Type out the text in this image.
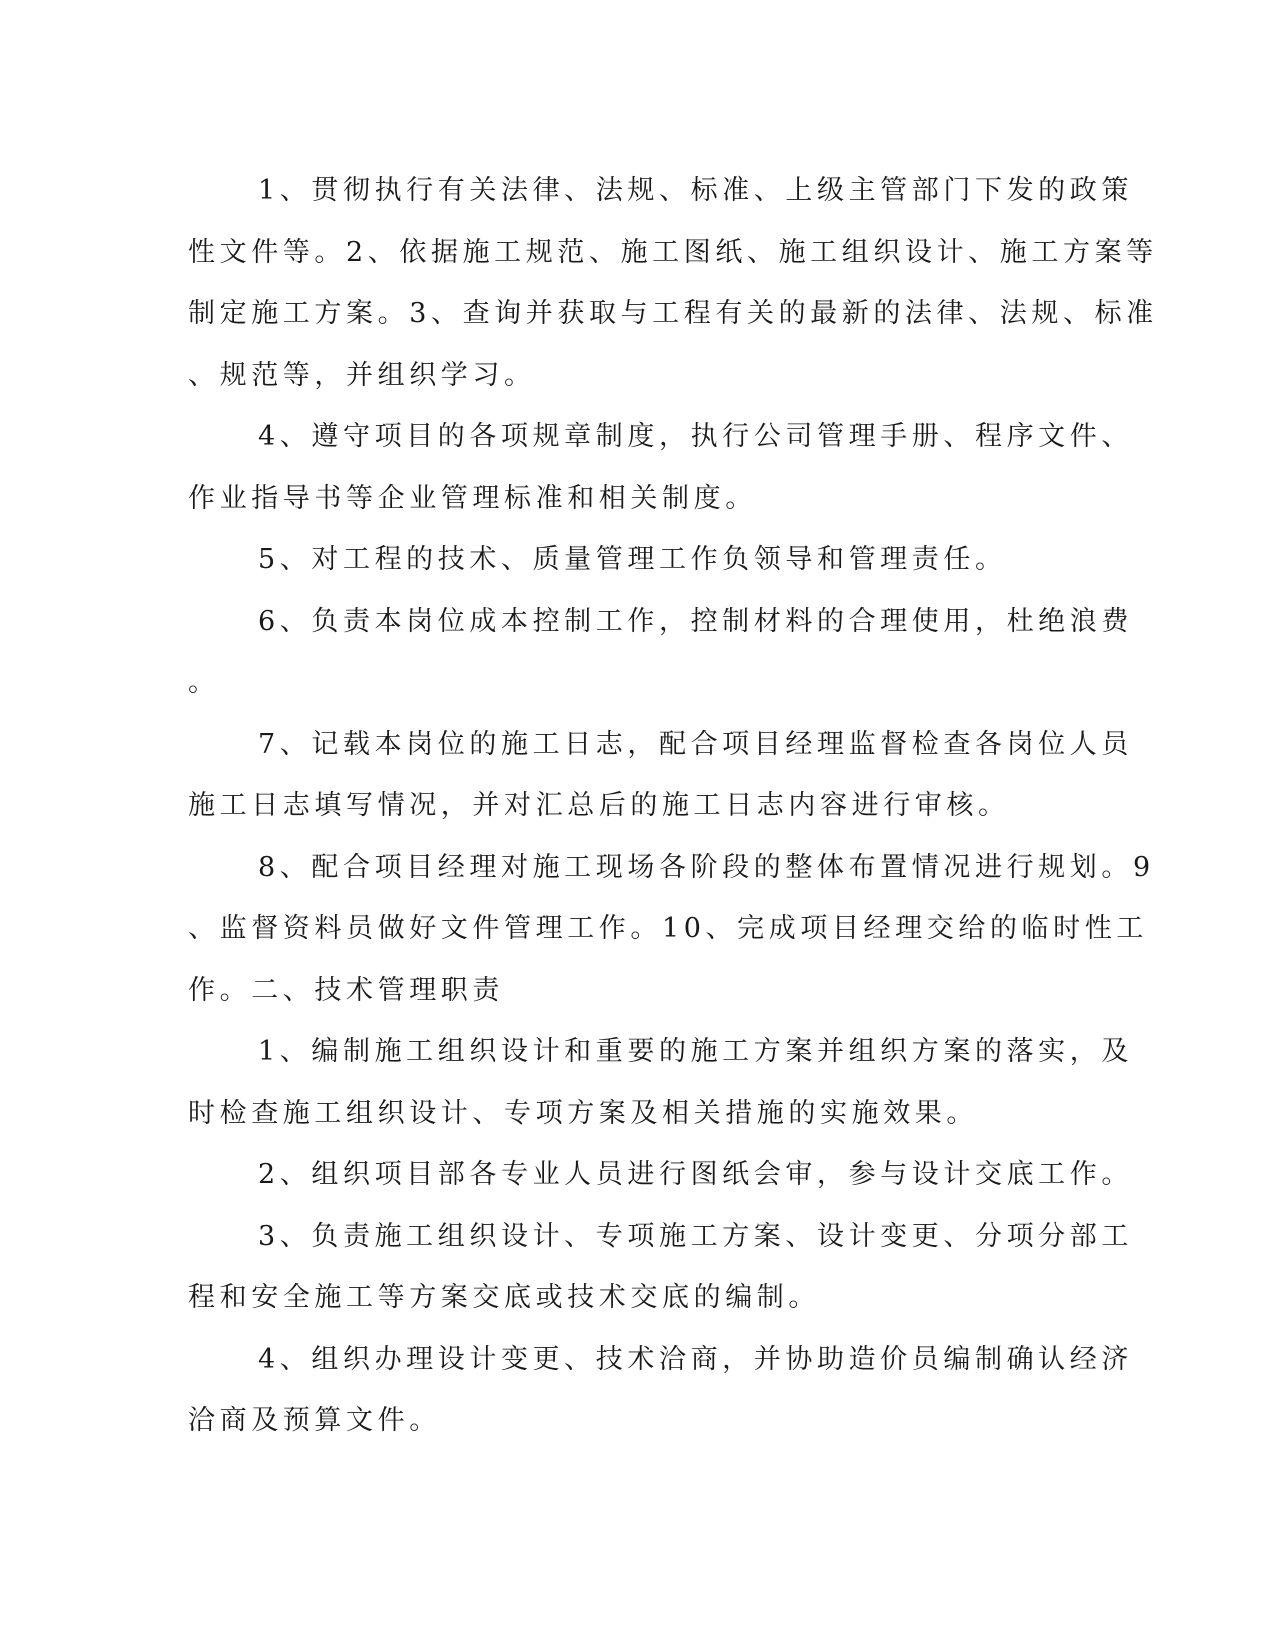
1、贯彻执行有关法律、法规、标准、上级主管部门下发的政策
性文件等。2、依据施工规范、施工图纸、施工组织设计、施工方案等
制定施工方案。3、查询并获取与工程有关的最新的法律、法规、标准
、规范等，并组织学习。
4、遵守项目的各项规章制度，执行公司管理手册、程序文件、
作业指导书等企业管理标准和相关制度。
5、对工程的技术、质量管理工作负领导和管理责任。
6、负责本岗位成本控制工作，控制材料的合理使用，杜绝浪费
。
7、记载本岗位的施工日志，配合项目经理监督检查各岗位人员
施工日志填写情况，并对汇总后的施工日志内容进行审核。
8、配合项目经理对施工现场各阶段的整体布置情况进行规划。9
、监督资料员做好文件管理工作。10、完成项目经理交给的临时性工
作。二、技术管理职责
1、编制施工组织设计和重要的施工方案并组织方案的落实，及
时检查施工组织设计、专项方案及相关措施的实施效果。
2、组织项目部各专业人员进行图纸会审，参与设计交底工作。
3、负责施工组织设计、专项施工方案、设计变更、分项分部工
程和安全施工等方案交底或技术交底的编制。
4、组织办理设计变更、技术洽商，并协助造价员编制确认经济
洽商及预算文件。
